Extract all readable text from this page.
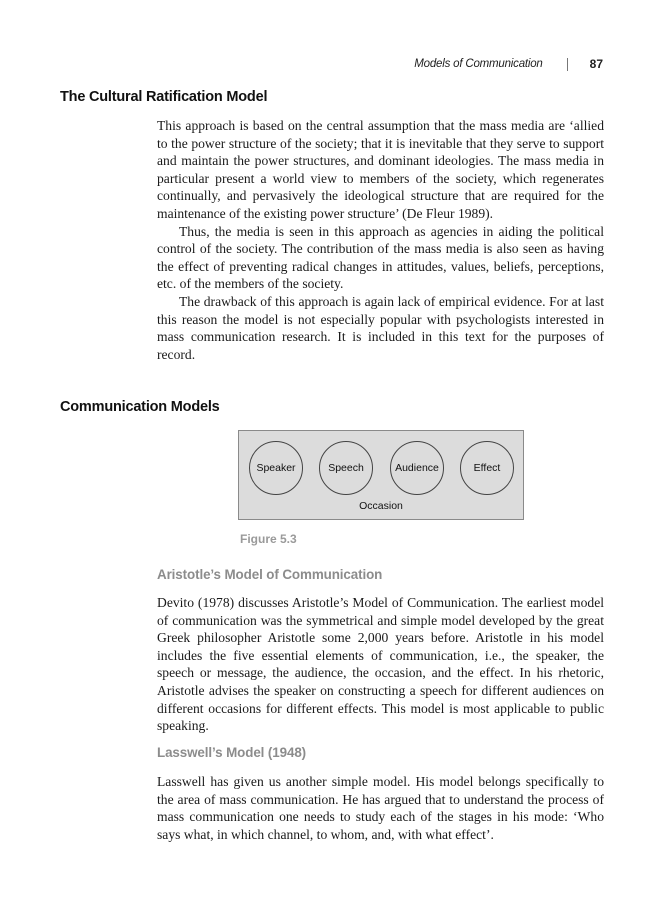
Models of Communication	87
The Cultural Ratification Model

This approach is based on the central assumption that the mass media are ‘allied to the power structure of the society; that it is inevitable that they serve to support and maintain the power structures, and dominant ideologies. The mass media in particular present a world view to members of the society, which regenerates continually, and pervasively the ideological structure that are required for the maintenance of the existing power structure’ (De Fleur 1989).

Thus, the media is seen in this approach as agencies in aiding the political control of the society. The contribution of the mass media is also seen as having the effect of preventing radical changes in attitudes, values, beliefs, perceptions, etc. of the members of the society.

The drawback of this approach is again lack of empirical evidence. For at last this reason the model is not especially popular with psychologists interested in mass communication research. It is included in this text for the purposes of record.

Communication Models
Speaker	Speech	Audience	Effect
Occasion
Figure 5.3
Aristotle’s Model of Communication

Devito (1978) discusses Aristotle’s Model of Communication. The earliest model of communication was the symmetrical and simple model developed by the great Greek philosopher Aristotle some 2,000 years before. Aristotle in his model includes the five essential elements of communication, i.e., the speaker, the speech or message, the audience, the occasion, and the effect. In his rhetoric, Aristotle advises the speaker on constructing a speech for different audiences on different occasions for different effects. This model is most applicable to public speaking.

Lasswell’s Model (1948)

Lasswell has given us another simple model. His model belongs specifically to the area of mass communication. He has argued that to understand the process of mass communication one needs to study each of the stages in his mode: ‘Who says what, in which channel, to whom, and, with what effect’.
